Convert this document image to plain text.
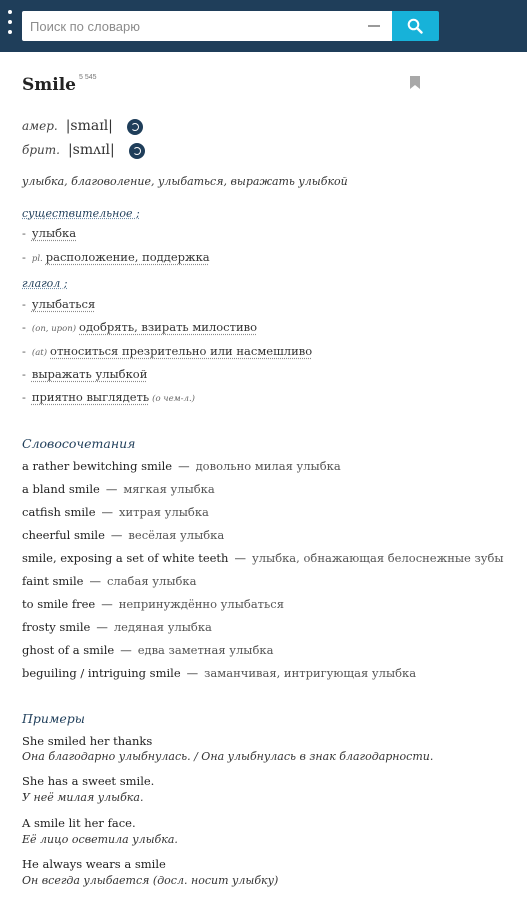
Поиск по словарю
Smile 5 545
амер. |smaɪl|
брит. |smʌɪl|
улыбка, благоволение, улыбаться, выражать улыбкой
существительное ;
- улыбка
- pl. расположение, поддержка
глагол ;
- улыбаться
- (on, upon) одобрять, взирать милостиво
- (at) относиться презрительно или насмешливо
- выражать улыбкой
- приятно выглядеть (о чем-л.)
Словосочетания
a rather bewitching smile — довольно милая улыбка
a bland smile — мягкая улыбка
catfish smile — хитрая улыбка
cheerful smile — весёлая улыбка
smile, exposing a set of white teeth — улыбка, обнажающая белоснежные зубы
faint smile — слабая улыбка
to smile free — непринуждённо улыбаться
frosty smile — ледяная улыбка
ghost of a smile — едва заметная улыбка
beguiling / intriguing smile — заманчивая, интригующая улыбка
Примеры
She smiled her thanks
Она благодарно улыбнулась. / Она улыбнулась в знак благодарности.
She has a sweet smile.
У неё милая улыбка.
A smile lit her face.
Её лицо осветила улыбка.
He always wears a smile
Он всегда улыбается (досл. носит улыбку)
